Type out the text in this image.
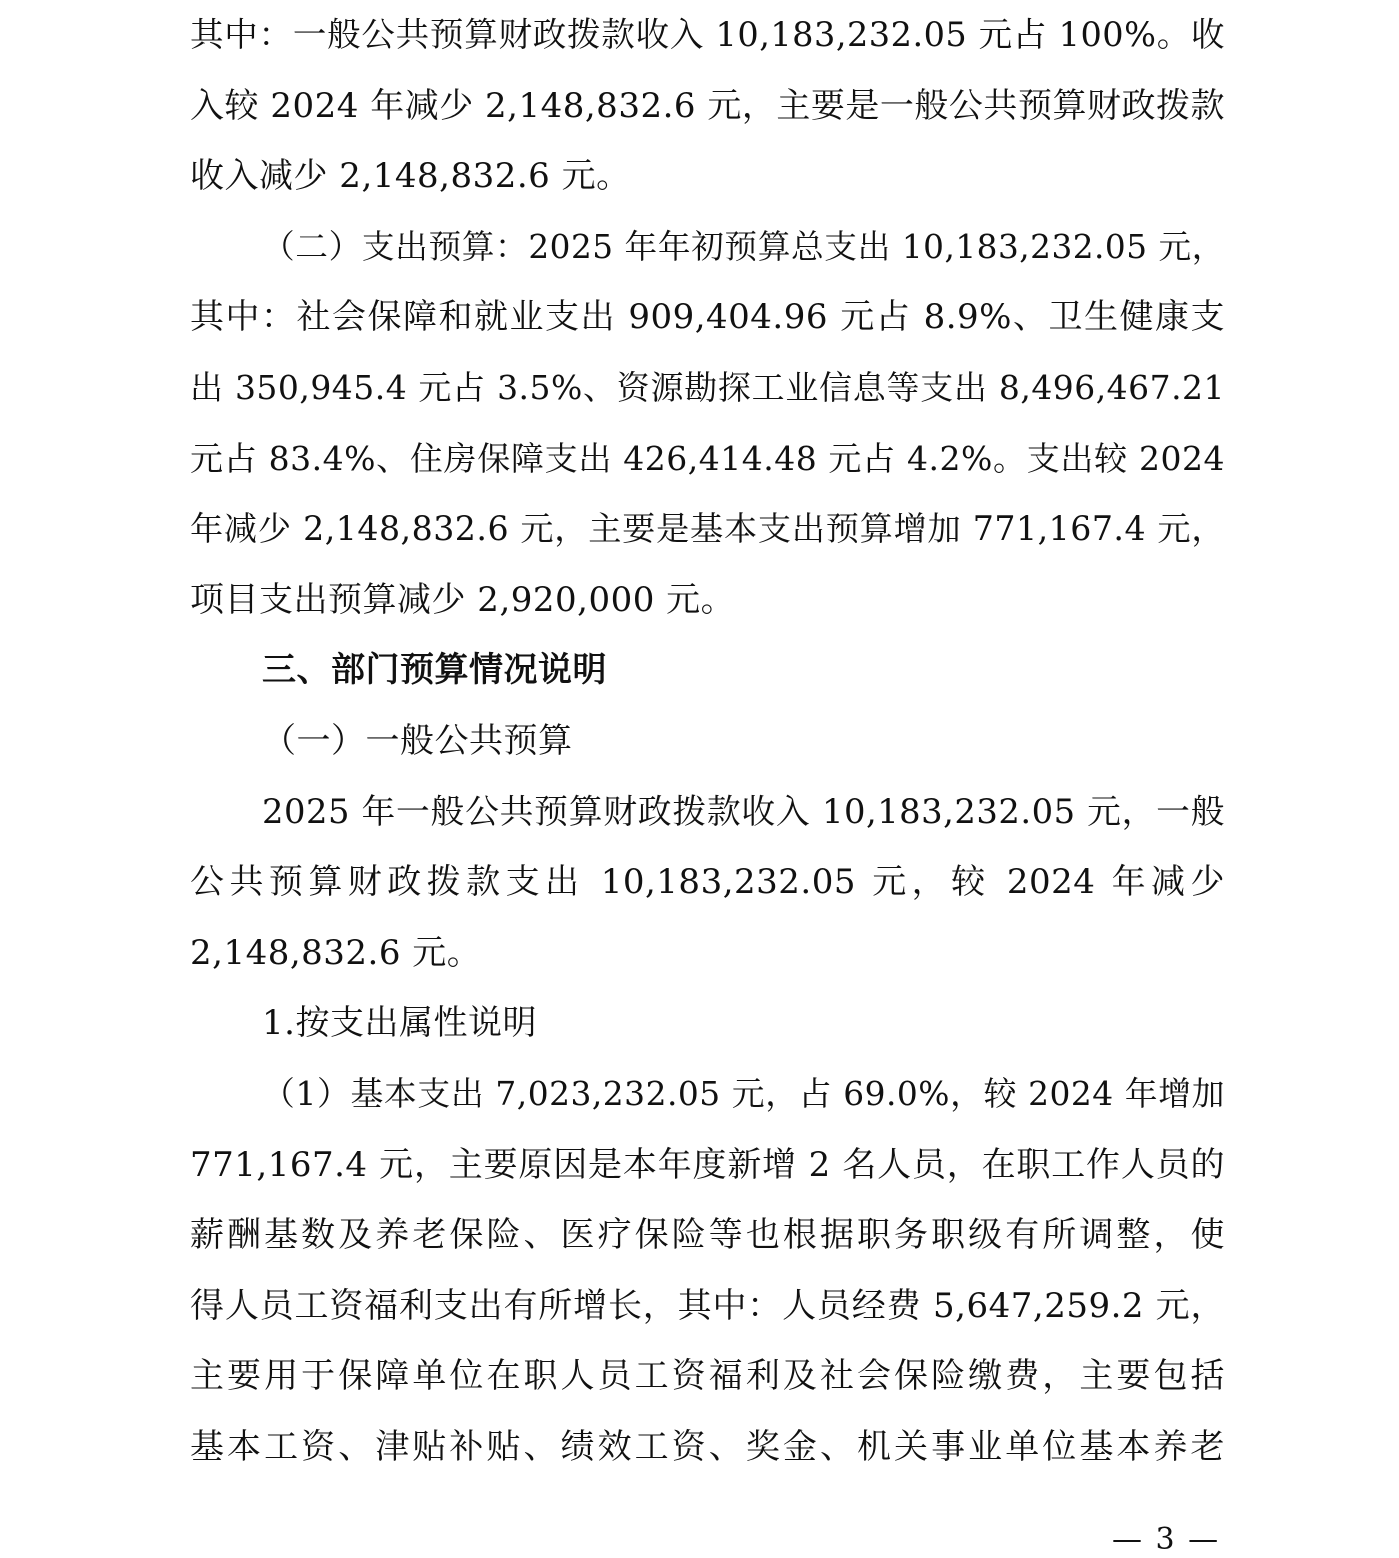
其中：一般公共预算财政拨款收入 10,183,232.05 元占 100%。收
入较 2024 年减少 2,148,832.6 元，主要是一般公共预算财政拨款
收入减少 2,148,832.6 元。
（二）支出预算：2025 年年初预算总支出 10,183,232.05 元，
其中：社会保障和就业支出 909,404.96 元占 8.9%、卫生健康支
出 350,945.4 元占 3.5%、资源勘探工业信息等支出 8,496,467.21
元占 83.4%、住房保障支出 426,414.48 元占 4.2%。支出较 2024
年减少 2,148,832.6 元，主要是基本支出预算增加 771,167.4 元，
项目支出预算减少 2,920,000 元。
三、部门预算情况说明
（一）一般公共预算
2025 年一般公共预算财政拨款收入 10,183,232.05 元，一般
公共预算财政拨款支出 10,183,232.05 元，较 2024 年减少
2,148,832.6 元。
1.按支出属性说明
（1）基本支出 7,023,232.05 元，占 69.0%，较 2024 年增加
771,167.4 元，主要原因是本年度新增 2 名人员，在职工作人员的
薪酬基数及养老保险、医疗保险等也根据职务职级有所调整，使
得人员工资福利支出有所增长，其中：人员经费 5,647,259.2 元，
主要用于保障单位在职人员工资福利及社会保险缴费，主要包括
基本工资、津贴补贴、绩效工资、奖金、机关事业单位基本养老
— 3 —
